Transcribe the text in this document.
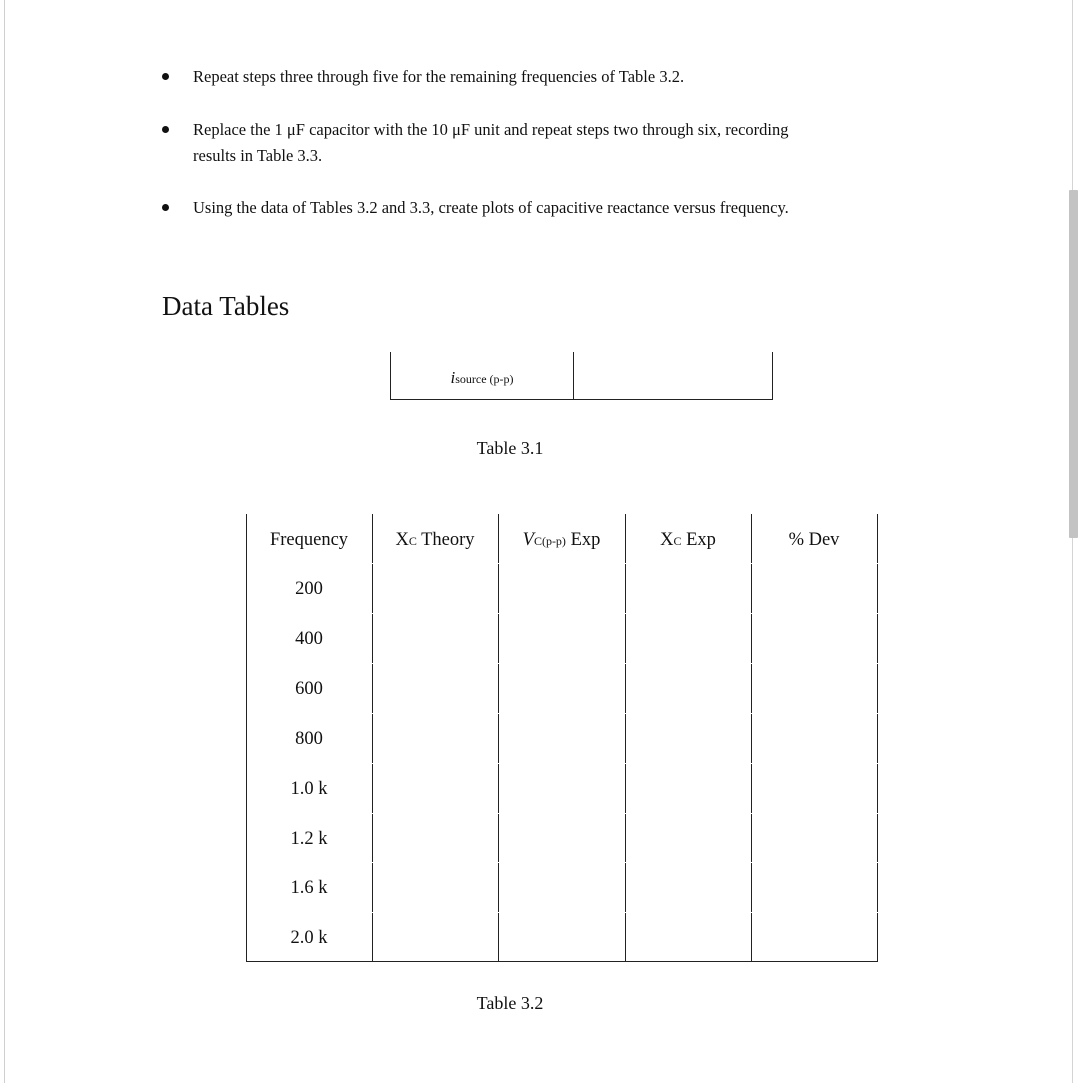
Repeat steps three through five for the remaining frequencies of Table 3.2.
Replace the 1 μF capacitor with the 10 μF unit and repeat steps two through six, recording
results in Table 3.3.
Using the data of Tables 3.2 and 3.3, create plots of capacitive reactance versus frequency.
Data Tables
isource (p-p)
Table 3.1
Frequency	X C Theory	V C(p-p) Exp	X C Exp	% Dev
200
400
600
800
1.0 k
1.2 k
1.6 k
2.0 k
Table 3.2
